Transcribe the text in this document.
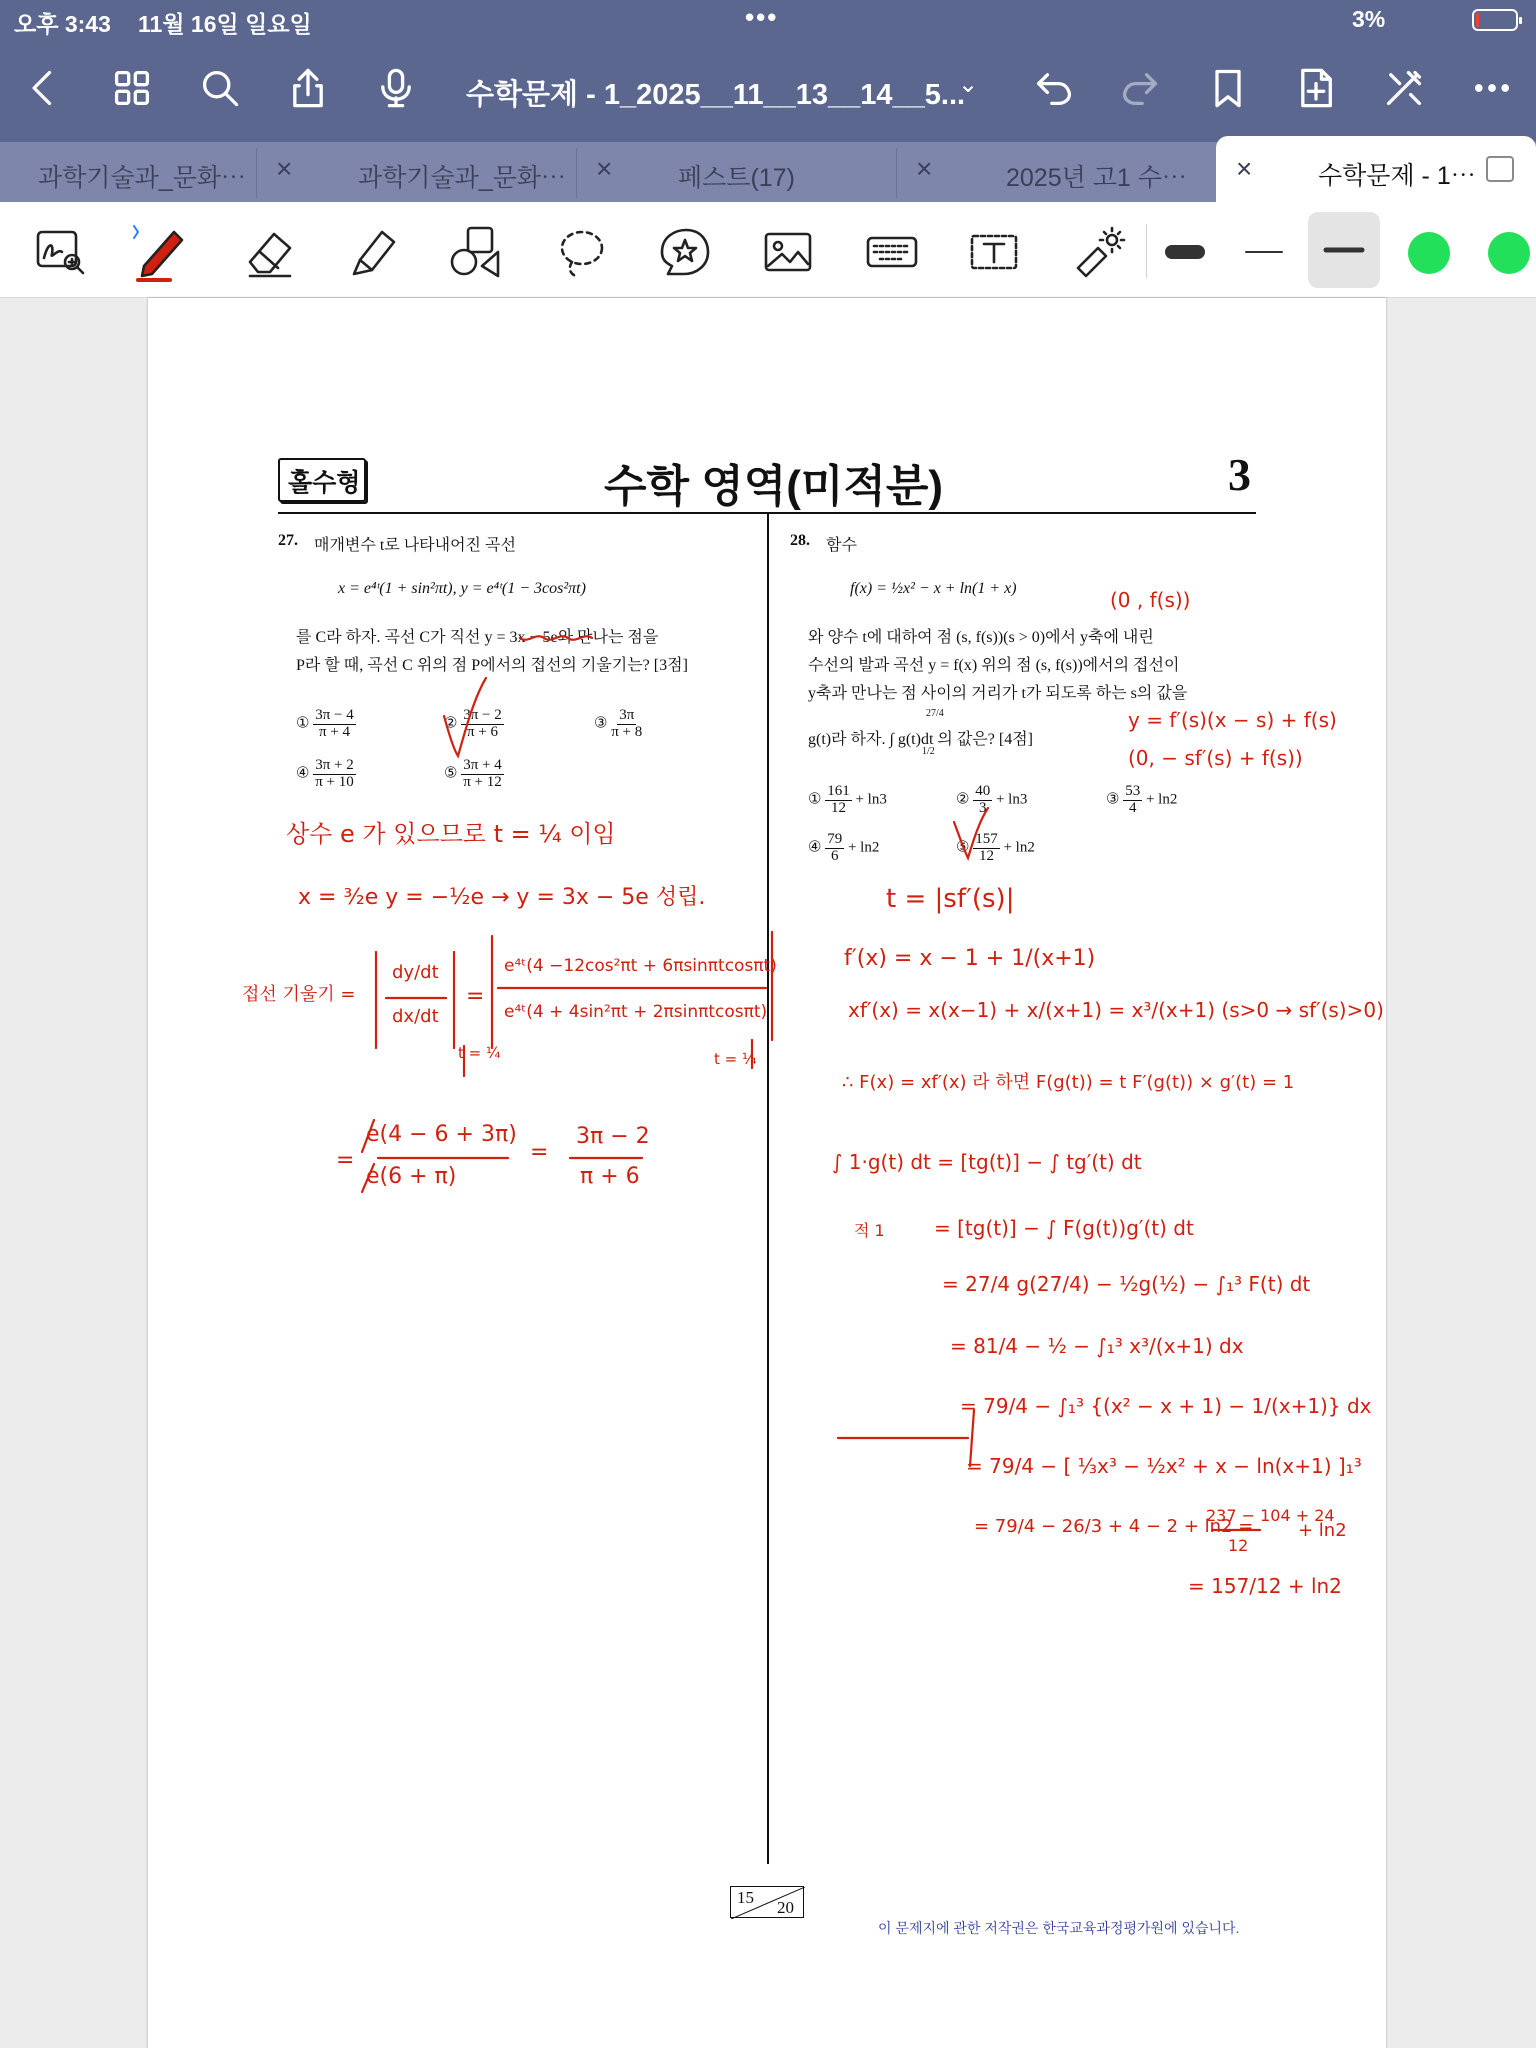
오후 3:43 11월 16일 일요일	•••	3%
수학문제 - 1_2025__11__13__14__5...
⌄
과학기술과_문화⋯ ×	과학기술과_문화⋯ ×	페스트(17)	×	2025년 고1 수⋯ ×	수학문제 - 1⋯
홀수형	수학 영역(미적분)	3
27. 매개변수 t로 나타내어진 곡선
x = e⁴ᵗ(1 + sin²πt), y = e⁴ᵗ(1 − 3cos²πt)
를 C라 하자. 곡선 C가 직선 y = 3x − 5e와 만나는 점을
P라 할 때, 곡선 C 위의 점 P에서의 접선의 기울기는? [3점]
① $\frac{3\pi - 4}{\pi + 4}$	② $\frac{3\pi - 2}{\pi + 6}$	③ $\frac{3\pi}{\pi + 8}$
④ $\frac{3\pi + 2}{\pi + 10}$	⑤ $\frac{3\pi + 4}{\pi + 12}$
28. 함수
f(x) = ½x² − x + ln(1 + x)
와 양수 t에 대하여 점 (s, f(s))(s > 0)에서 y축에 내린
수선의 발과 곡선 y = f(x) 위의 점 (s, f(s))에서의 접선이
y축과 만나는 점 사이의 거리가 t가 되도록 하는 s의 값을
g(t)라 하자. ∫ g(t)dt 의 값은? [4점]
27/4
1/2
① $\frac{161}{12} + \ln 3$	② $\frac{40}{3} + \ln 3$	③ $\frac{53}{4} + \ln 2$
④ $\frac{79}{6} + \ln 2$	⑤ $\frac{157}{12} + \ln 2$
상수 e 가 있으므로 t = ¼ 이임
x = ³⁄₂e y = −½e → y = 3x − 5e 성립.
접선 기울기 =
dy/dt
dx/dt
=
e⁴ᵗ(4 −12cos²πt + 6πsinπtcosπt)
e⁴ᵗ(4 + 4sin²πt + 2πsinπtcosπt)
t = ¼	t = ¼
=
e(4 − 6 + 3π)
e(6 + π)
=
3π − 2
π + 6
(0 , f(s))
y = f′(s)(x − s) + f(s)
(0, − sf′(s) + f(s))
t = |sf′(s)|
f′(x) = x − 1 + 1/(x+1)
xf′(x) = x(x−1) + x/(x+1) = x³/(x+1) (s>0 → sf′(s)>0)
∴ F(x) = xf′(x) 라 하면 F(g(t)) = t F′(g(t)) × g′(t) = 1
∫ 1·g(t) dt = [tg(t)] − ∫ tg′(t) dt
적 1 = [tg(t)] − ∫ F(g(t))g′(t) dt
= 27/4 g(27/4) − ½g(½) − ∫₁³ F(t) dt
= 81/4 − ½ − ∫₁³ x³/(x+1) dx
= 79/4 − ∫₁³ {(x² − x + 1) − 1/(x+1)} dx
= 79/4 − [ ⅓x³ − ½x² + x − ln(x+1) ]₁³
= 79/4 − 26/3 + 4 − 2 + ln2 =
237 − 104 + 24
12
+ ln2
= 157/12 + ln2
15
20
이 문제지에 관한 저작권은 한국교육과정평가원에 있습니다.
